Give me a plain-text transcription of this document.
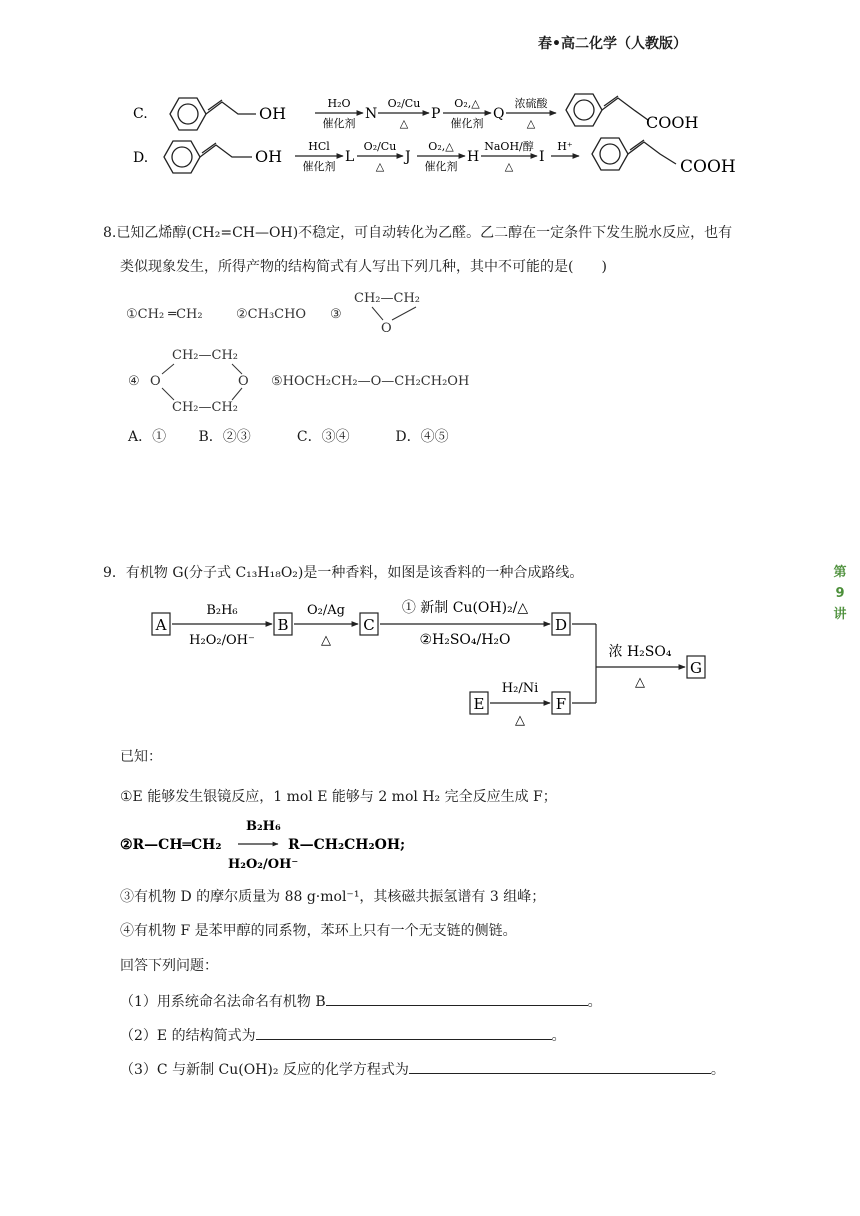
春•高二化学（人教版）
第
9
讲
C.	OH
H₂O
催化剂
N
O₂/Cu
△
P
O₂,△
催化剂
Q
浓硫酸
△	COOH
D.	OH
HCl
催化剂
L
O₂/Cu
△
J
O₂,△
催化剂
H
NaOH/醇
△
I
H⁺
COOH
8.已知乙烯醇(CH₂=CH—OH)不稳定，可自动转化为乙醛。乙二醇在一定条件下发生脱水反应，也有
类似现象发生，所得产物的结构简式有人写出下列几种，其中不可能的是(　　)
①CH₂ ═CH₂	②CH₃CHO ③
CH₂—CH₂
O
CH₂—CH₂
④ O	O
CH₂—CH₂
⑤HOCH₂CH₂—O—CH₂CH₂OH
A．① B．②③	C．③④	D．④⑤
9．有机物 G(分子式 C₁₃H₁₈O₂)是一种香料，如图是该香料的一种合成路线。
A	B	C	D
E	F
G
B₂H₆
H₂O₂/OH⁻
O₂/Ag
△
① 新制 Cu(OH)₂/△
②H₂SO₄/H₂O
H₂/Ni
△
浓 H₂SO₄
△
已知：
①E 能够发生银镜反应，1 mol E 能够与 2 mol H₂ 完全反应生成 F；
②R—CH═CH₂
B₂H₆
H₂O₂/OH⁻
R—CH₂CH₂OH;
③有机物 D 的摩尔质量为 88 g·mol⁻¹，其核磁共振氢谱有 3 组峰；
④有机物 F 是苯甲醇的同系物，苯环上只有一个无支链的侧链。
回答下列问题：
（1）用系统命名法命名有机物 B	。
（2）E 的结构简式为	。
（3）C 与新制 Cu(OH)₂ 反应的化学方程式为	。
